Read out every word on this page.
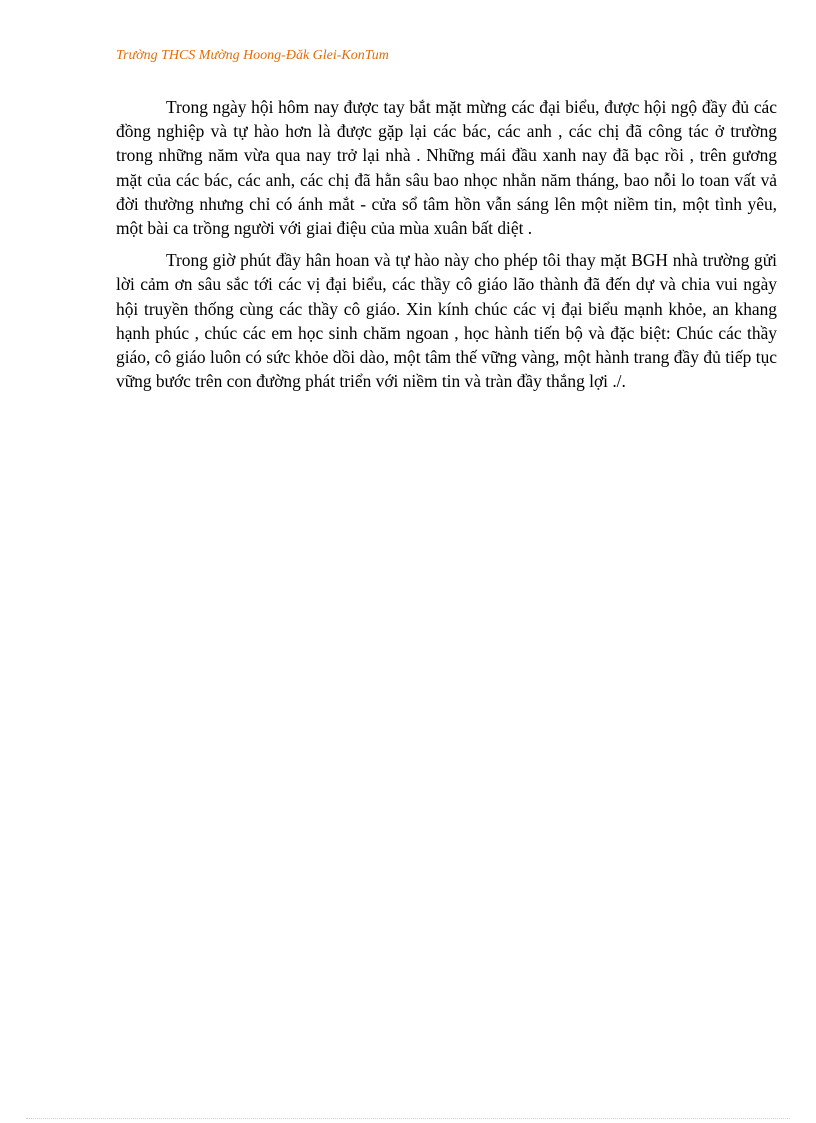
Trường THCS Mường Hoong-Đăk Glei-KonTum

Trong ngày hội hôm nay được tay bắt mặt mừng các đại biểu, được hội ngộ đầy đủ các đồng nghiệp và tự hào hơn là được gặp lại các bác, các anh , các chị đã công tác ở trường trong những năm vừa qua nay trở lại nhà . Những mái đầu xanh nay đã bạc rồi , trên gương mặt của các bác, các anh, các chị đã hằn sâu bao nhọc nhằn năm tháng, bao nỗi lo toan vất vả đời thường nhưng chỉ có ánh mắt - cửa sổ tâm hồn vẫn sáng lên một niềm tin, một tình yêu, một bài ca trồng người với giai điệu của mùa xuân bất diệt .

Trong giờ phút đầy hân hoan và tự hào này cho phép tôi thay mặt BGH nhà trường gửi lời cảm ơn sâu sắc tới các vị đại biểu, các thầy cô giáo lão thành đã đến dự và chia vui ngày hội truyền thống cùng các thầy cô giáo. Xin kính chúc các vị đại biểu mạnh khỏe, an khang hạnh phúc , chúc các em học sinh chăm ngoan , học hành tiến bộ và đặc biệt: Chúc các thầy giáo, cô giáo luôn có sức khỏe dồi dào, một tâm thế vững vàng, một hành trang đầy đủ tiếp tục vững bước trên con đường phát triển với niềm tin và tràn đầy thắng lợi ./.
